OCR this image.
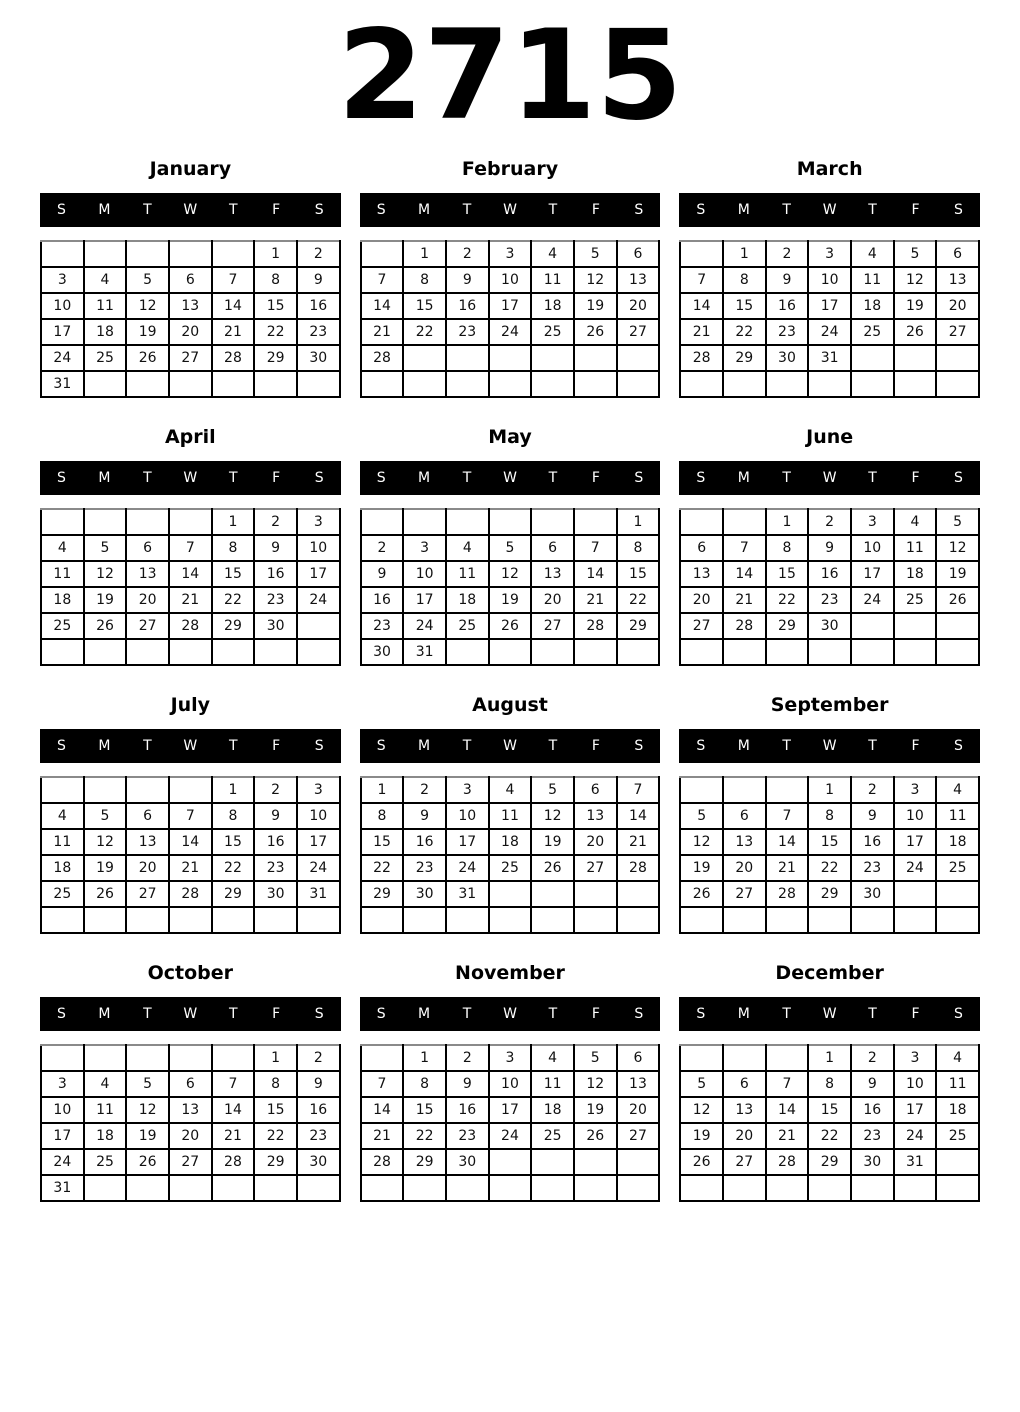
2715
January
S	M	T	W	T	F	S
					1	2
3	4	5	6	7	8	9
10	11	12	13	14	15	16
17	18	19	20	21	22	23
24	25	26	27	28	29	30
31						
February
S	M	T	W	T	F	S
	1	2	3	4	5	6
7	8	9	10	11	12	13
14	15	16	17	18	19	20
21	22	23	24	25	26	27
28						

March
S	M	T	W	T	F	S
	1	2	3	4	5	6
7	8	9	10	11	12	13
14	15	16	17	18	19	20
21	22	23	24	25	26	27
28	29	30	31			

April
S	M	T	W	T	F	S
				1	2	3
4	5	6	7	8	9	10
11	12	13	14	15	16	17
18	19	20	21	22	23	24
25	26	27	28	29	30	

May
S	M	T	W	T	F	S
						1
2	3	4	5	6	7	8
9	10	11	12	13	14	15
16	17	18	19	20	21	22
23	24	25	26	27	28	29
30	31					
June
S	M	T	W	T	F	S
		1	2	3	4	5
6	7	8	9	10	11	12
13	14	15	16	17	18	19
20	21	22	23	24	25	26
27	28	29	30			

July
S	M	T	W	T	F	S
				1	2	3
4	5	6	7	8	9	10
11	12	13	14	15	16	17
18	19	20	21	22	23	24
25	26	27	28	29	30	31

August
S	M	T	W	T	F	S
1	2	3	4	5	6	7
8	9	10	11	12	13	14
15	16	17	18	19	20	21
22	23	24	25	26	27	28
29	30	31				

September
S	M	T	W	T	F	S
			1	2	3	4
5	6	7	8	9	10	11
12	13	14	15	16	17	18
19	20	21	22	23	24	25
26	27	28	29	30		

October
S	M	T	W	T	F	S
					1	2
3	4	5	6	7	8	9
10	11	12	13	14	15	16
17	18	19	20	21	22	23
24	25	26	27	28	29	30
31						
November
S	M	T	W	T	F	S
	1	2	3	4	5	6
7	8	9	10	11	12	13
14	15	16	17	18	19	20
21	22	23	24	25	26	27
28	29	30				

December
S	M	T	W	T	F	S
			1	2	3	4
5	6	7	8	9	10	11
12	13	14	15	16	17	18
19	20	21	22	23	24	25
26	27	28	29	30	31	
